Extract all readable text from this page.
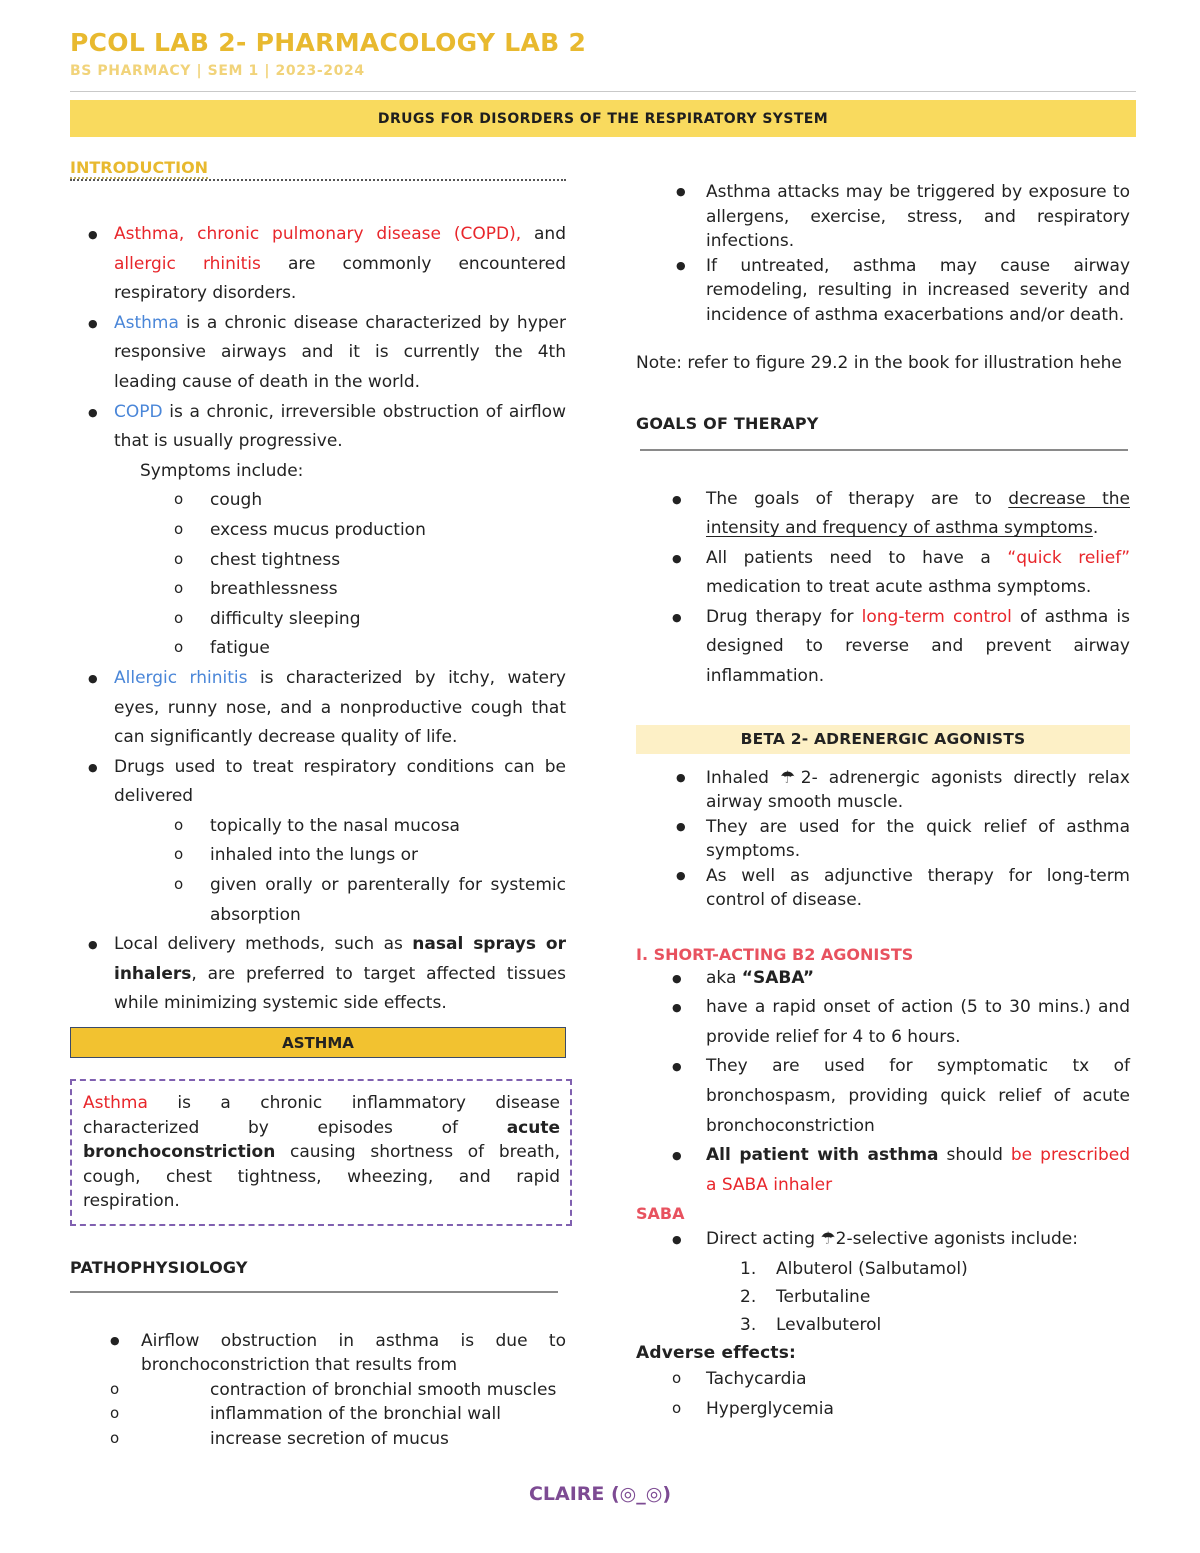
PCOL LAB 2- PHARMACOLOGY LAB 2
BS PHARMACY | SEM 1 | 2023-2024
DRUGS FOR DISORDERS OF THE RESPIRATORY SYSTEM
INTRODUCTION
● Asthma, chronic pulmonary disease (COPD), and allergic rhinitis are commonly encountered respiratory disorders.
● Asthma is a chronic disease characterized by hyper responsive airways and it is currently the 4th leading cause of death in the world.
● COPD is a chronic, irreversible obstruction of airflow that is usually progressive.
Symptoms include:
o cough
o excess mucus production
o chest tightness
o breathlessness
o difficulty sleeping
o fatigue
● Allergic rhinitis is characterized by itchy, watery eyes, runny nose, and a nonproductive cough that can significantly decrease quality of life.
● Drugs used to treat respiratory conditions can be delivered
o topically to the nasal mucosa
o inhaled into the lungs or
o given orally or parenterally for systemic absorption
● Local delivery methods, such as nasal sprays or inhalers, are preferred to target affected tissues while minimizing systemic side effects.
ASTHMA
Asthma is a chronic inflammatory disease characterized by episodes of acute bronchoconstriction causing shortness of breath, cough, chest tightness, wheezing, and rapid respiration.
PATHOPHYSIOLOGY
● Airflow obstruction in asthma is due to bronchoconstriction that results from
o contraction of bronchial smooth muscles
o inflammation of the bronchial wall
o increase secretion of mucus
● Asthma attacks may be triggered by exposure to allergens, exercise, stress, and respiratory infections.
● If untreated, asthma may cause airway remodeling, resulting in increased severity and incidence of asthma exacerbations and/or death.
Note: refer to figure 29.2 in the book for illustration hehe
GOALS OF THERAPY
● The goals of therapy are to decrease the intensity and frequency of asthma symptoms.
● All patients need to have a “quick relief” medication to treat acute asthma symptoms.
● Drug therapy for long-term control of asthma is designed to reverse and prevent airway inflammation.
BETA 2- ADRENERGIC AGONISTS
● Inhaled ☂2- adrenergic agonists directly relax airway smooth muscle.
● They are used for the quick relief of asthma symptoms.
● As well as adjunctive therapy for long-term control of disease.
I. SHORT-ACTING B2 AGONISTS
● aka “SABA”
● have a rapid onset of action (5 to 30 mins.) and provide relief for 4 to 6 hours.
● They are used for symptomatic tx of bronchospasm, providing quick relief of acute bronchoconstriction
● All patient with asthma should be prescribed a SABA inhaler
SABA
● Direct acting ☂2-selective agonists include:
1. Albuterol (Salbutamol)
2. Terbutaline
3. Levalbuterol
Adverse effects:
o Tachycardia
o Hyperglycemia
CLAIRE (◎_◎)
